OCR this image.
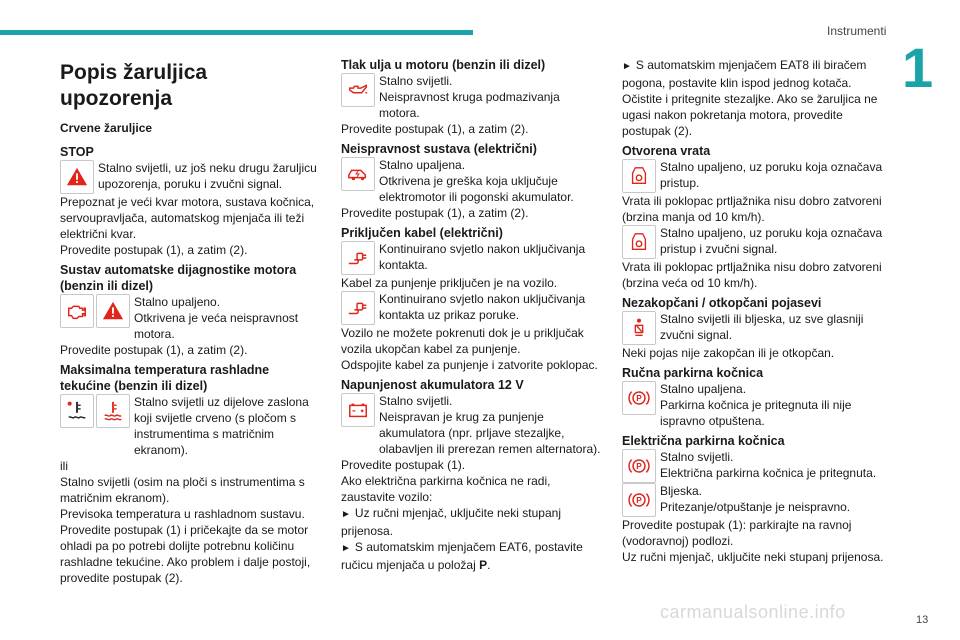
Instrumenti
1
Popis žaruljica upozorenja
Crvene žaruljice
STOP
Stalno svijetli, uz još neku drugu žaruljicu upozorenja, poruku i zvučni signal.
Prepoznat je veći kvar motora, sustava kočnica, servoupravljača, automatskog mjenjača ili teži električni kvar.
Provedite postupak (1), a zatim (2).
Sustav automatske dijagnostike motora (benzin ili dizel)
Stalno upaljeno.
Otkrivena je veća neispravnost motora.
Provedite postupak (1), a zatim (2).
Maksimalna temperatura rashladne tekućine (benzin ili dizel)
Stalno svijetli uz dijelove zaslona koji svijetle crveno (s pločom s instrumentima s matričnim ekranom).
ili
Stalno svijetli (osim na ploči s instrumentima s matričnim ekranom).
Previsoka temperatura u rashladnom sustavu.
Provedite postupak (1) i pričekajte da se motor ohladi pa po potrebi dolijte potrebnu količinu rashladne tekućine. Ako problem i dalje postoji, provedite postupak (2).
Tlak ulja u motoru (benzin ili dizel)
Stalno svijetli.
Neispravnost kruga podmazivanja motora.
Provedite postupak (1), a zatim (2).
Neispravnost sustava (električni)
Stalno upaljena.
Otkrivena je greška koja uključuje elektromotor ili pogonski akumulator.
Provedite postupak (1), a zatim (2).
Priključen kabel (električni)
Kontinuirano svjetlo nakon uključivanja kontakta.
Kabel za punjenje priključen je na vozilo.
Kontinuirano svjetlo nakon uključivanja kontakta uz prikaz poruke.
Vozilo ne možete pokrenuti dok je u priključak vozila ukopčan kabel za punjenje.
Odspojite kabel za punjenje i zatvorite poklopac.
Napunjenost akumulatora 12 V
Stalno svijetli.
Neispravan je krug za punjenje akumulatora (npr. prljave stezaljke, olabavljen ili prerezan remen alternatora).
Provedite postupak (1).
Ako električna parkirna kočnica ne radi, zaustavite vozilo:
► Uz ručni mjenjač, uključite neki stupanj prijenosa.
► S automatskim mjenjačem EAT6, postavite ručicu mjenjača u položaj P.
► S automatskim mjenjačem EAT8 ili biračem pogona, postavite klin ispod jednog kotača.
Očistite i pritegnite stezaljke. Ako se žaruljica ne ugasi nakon pokretanja motora, provedite postupak (2).
Otvorena vrata
Stalno upaljeno, uz poruku koja označava pristup.
Vrata ili poklopac prtljažnika nisu dobro zatvoreni (brzina manja od 10 km/h).
Stalno upaljeno, uz poruku koja označava pristup i zvučni signal.
Vrata ili poklopac prtljažnika nisu dobro zatvoreni (brzina veća od 10 km/h).
Nezakopčani / otkopčani pojasevi
Stalno svijetli ili bljeska, uz sve glasniji zvučni signal.
Neki pojas nije zakopčan ili je otkopčan.
Ručna parkirna kočnica
P
Stalno upaljena.
Parkirna kočnica je pritegnuta ili nije ispravno otpuštena.
Električna parkirna kočnica
P
Stalno svijetli.
Električna parkirna kočnica je pritegnuta.
P
Bljeska.
Pritezanje/otpuštanje je neispravno.
Provedite postupak (1): parkirajte na ravnoj (vodoravnoj) podlozi.
Uz ručni mjenjač, uključite neki stupanj prijenosa.
carmanualsonline.info	13
